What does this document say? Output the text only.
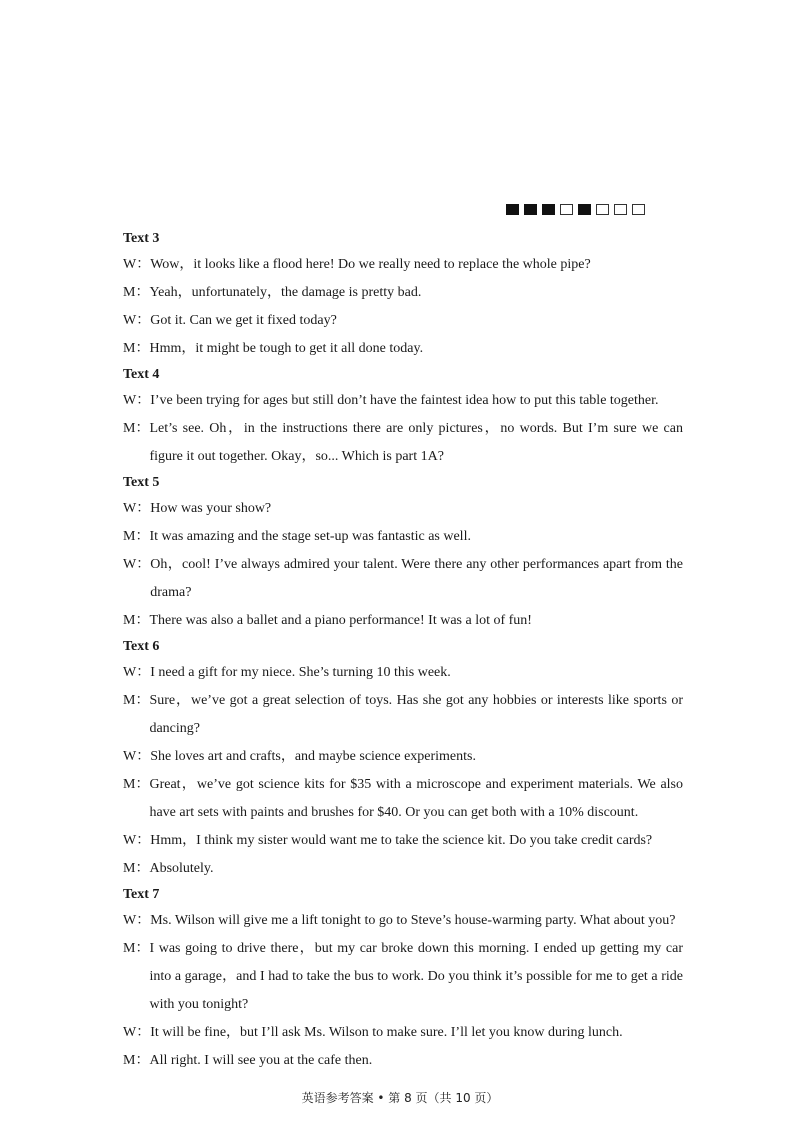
Text 3
W： Wow，it looks like a flood here! Do we really need to replace the whole pipe?
M： Yeah，unfortunately，the damage is pretty bad.
W： Got it. Can we get it fixed today?
M： Hmm，it might be tough to get it all done today.
Text 4
W： I’ve been trying for ages but still don’t have the faintest idea how to put this table together.
M： Let’s see. Oh，in the instructions there are only pictures，no words. But I’m sure we can figure it out together. Okay，so... Which is part 1A?
Text 5
W： How was your show?
M： It was amazing and the stage set-up was fantastic as well.
W： Oh，cool! I’ve always admired your talent. Were there any other performances apart from the drama?
M： There was also a ballet and a piano performance! It was a lot of fun!
Text 6
W： I need a gift for my niece. She’s turning 10 this week.
M： Sure，we’ve got a great selection of toys. Has she got any hobbies or interests like sports or dancing?
W： She loves art and crafts，and maybe science experiments.
M： Great，we’ve got science kits for $35 with a microscope and experiment materials. We also have art sets with paints and brushes for $40. Or you can get both with a 10% discount.
W： Hmm，I think my sister would want me to take the science kit. Do you take credit cards?
M： Absolutely.
Text 7
W： Ms. Wilson will give me a lift tonight to go to Steve’s house-warming party. What about you?
M： I was going to drive there，but my car broke down this morning. I ended up getting my car into a garage，and I had to take the bus to work. Do you think it’s possible for me to get a ride with you tonight?
W： It will be fine，but I’ll ask Ms. Wilson to make sure. I’ll let you know during lunch.
M： All right. I will see you at the cafe then.
英语参考答案 • 第 8 页（共 10 页）
